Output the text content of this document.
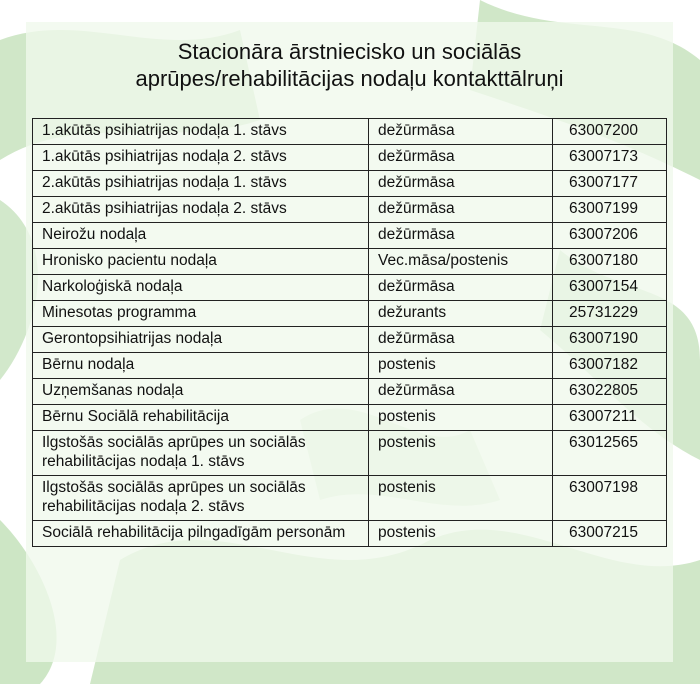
Stacionāra ārstniecisko un sociālās
aprūpes/rehabilitācijas nodaļu kontakttālruņi
1.akūtās psihiatrijas nodaļa 1. stāvs	dežūrmāsa	63007200
1.akūtās psihiatrijas nodaļa 2. stāvs	dežūrmāsa	63007173
2.akūtās psihiatrijas nodaļa 1. stāvs	dežūrmāsa	63007177
2.akūtās psihiatrijas nodaļa 2. stāvs	dežūrmāsa	63007199
Neirožu nodaļa	dežūrmāsa	63007206
Hronisko pacientu nodaļa	Vec.māsa/postenis	63007180
Narkoloģiskā nodaļa	dežūrmāsa	63007154
Minesotas programma	dežurants	25731229
Gerontopsihiatrijas nodaļa	dežūrmāsa	63007190
Bērnu nodaļa	postenis	63007182
Uzņemšanas nodaļa	dežūrmāsa	63022805
Bērnu Sociālā rehabilitācija	postenis	63007211
Ilgstošās sociālās aprūpes un sociālās rehabilitācijas nodaļa 1. stāvs	postenis	63012565
Ilgstošās sociālās aprūpes un sociālās rehabilitācijas nodaļa 2. stāvs	postenis	63007198
Sociālā rehabilitācija pilngadīgām personām	postenis	63007215
